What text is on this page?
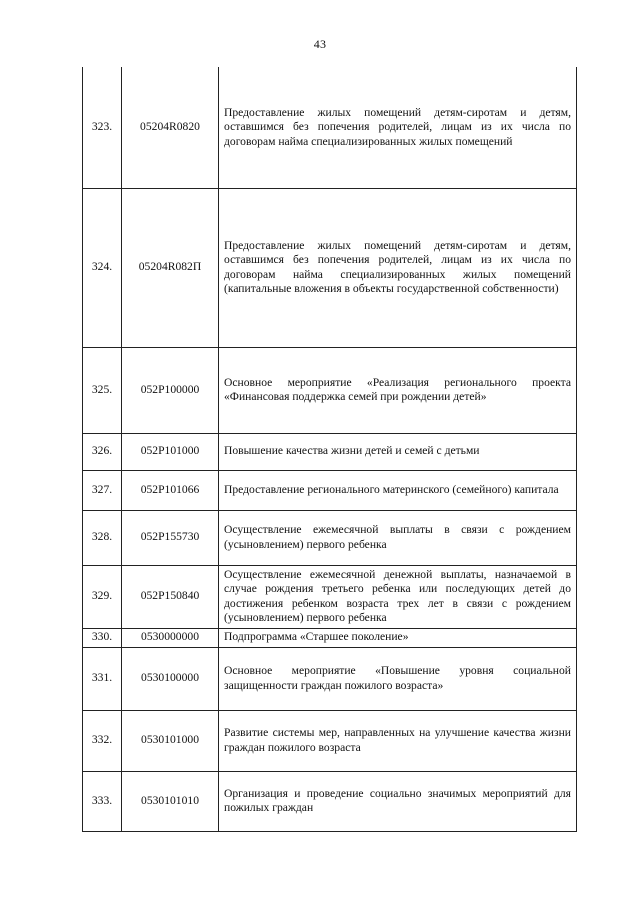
43
323.	05204R0820	Предоставление жилых помещений детям-сиротам и детям, оставшимся без попечения родителей, лицам из их числа по договорам найма специализированных жилых помещений

324.	05204R082П	Предоставление жилых помещений детям-сиротам и детям, оставшимся без попечения родителей, лицам из их числа по договорам найма специализированных жилых помещений (капитальные вложения в объекты государственной собственности)

325.	052P100000	Основное мероприятие «Реализация регионального проекта «Финансовая поддержка семей при рождении детей»

326.	052P101000	Повышение качества жизни детей и семей с детьми

327.	052P101066	Предоставление регионального материнского (семейного) капитала

328.	052P155730	Осуществление ежемесячной выплаты в связи с рождением (усыновлением) первого ребенка

329.	052P150840	Осуществление ежемесячной денежной выплаты, назначаемой в случае рождения третьего ребенка или последующих детей до достижения ребенком возраста трех лет в связи с рождением (усыновлением) первого ребенка

330.	0530000000	Подпрограмма «Старшее поколение»

331.	0530100000	Основное мероприятие «Повышение уровня социальной защищенности граждан пожилого возраста»

332.	0530101000	Развитие системы мер, направленных на улучшение качества жизни граждан пожилого возраста

333.	0530101010	Организация и проведение социально значимых мероприятий для пожилых граждан
